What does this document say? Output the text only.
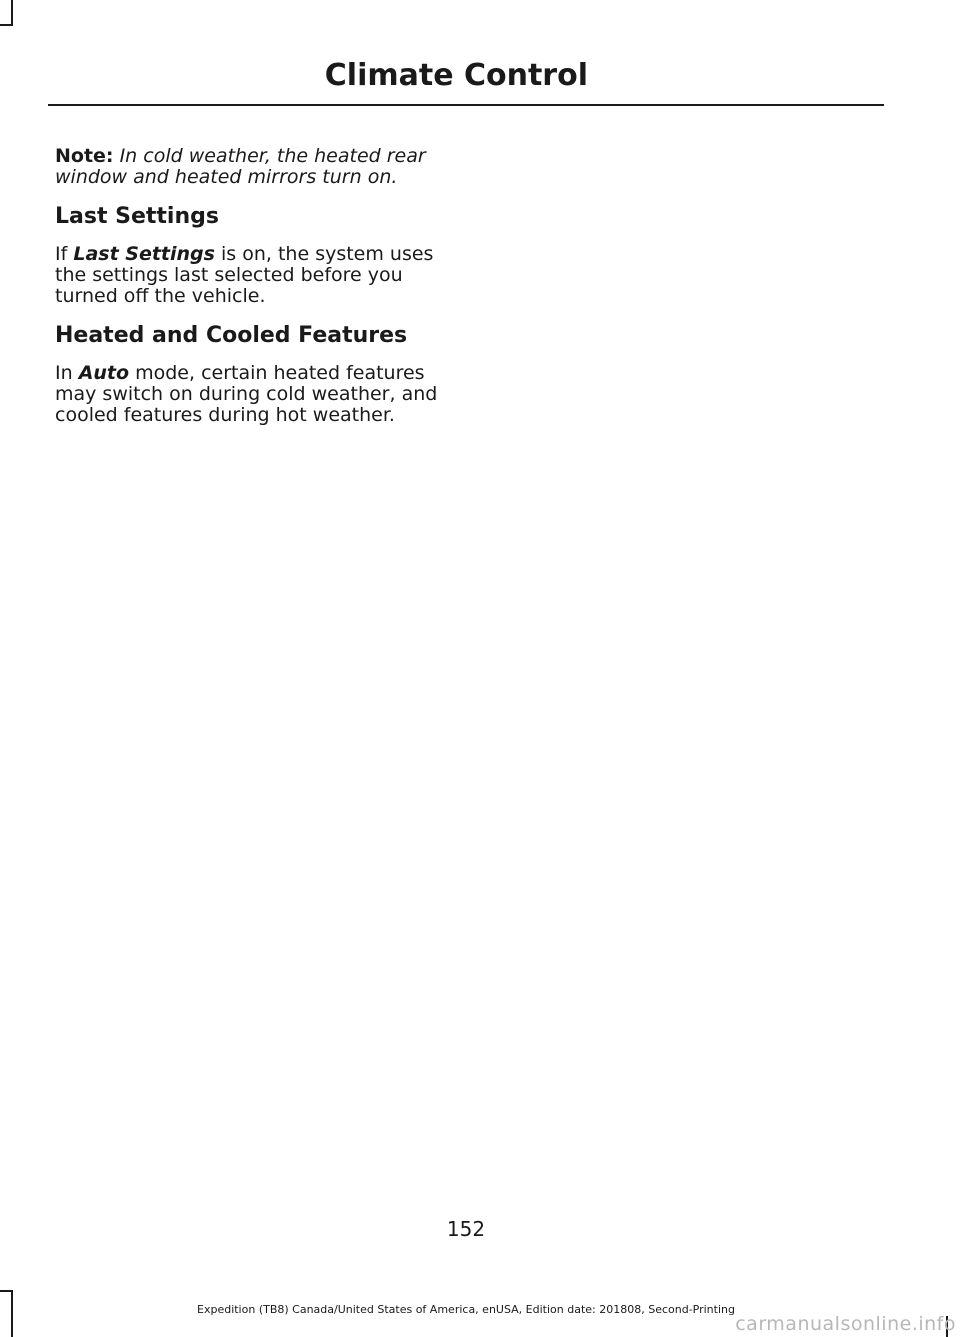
Climate Control

Note: In cold weather, the heated rear window and heated mirrors turn on.

Last Settings

If Last Settings is on, the system uses the settings last selected before you turned off the vehicle.

Heated and Cooled Features

In Auto mode, certain heated features may switch on during cold weather, and cooled features during hot weather.

152
Expedition (TB8) Canada/United States of America, enUSA, Edition date: 201808, Second-Printing
carmanualsonline.info
